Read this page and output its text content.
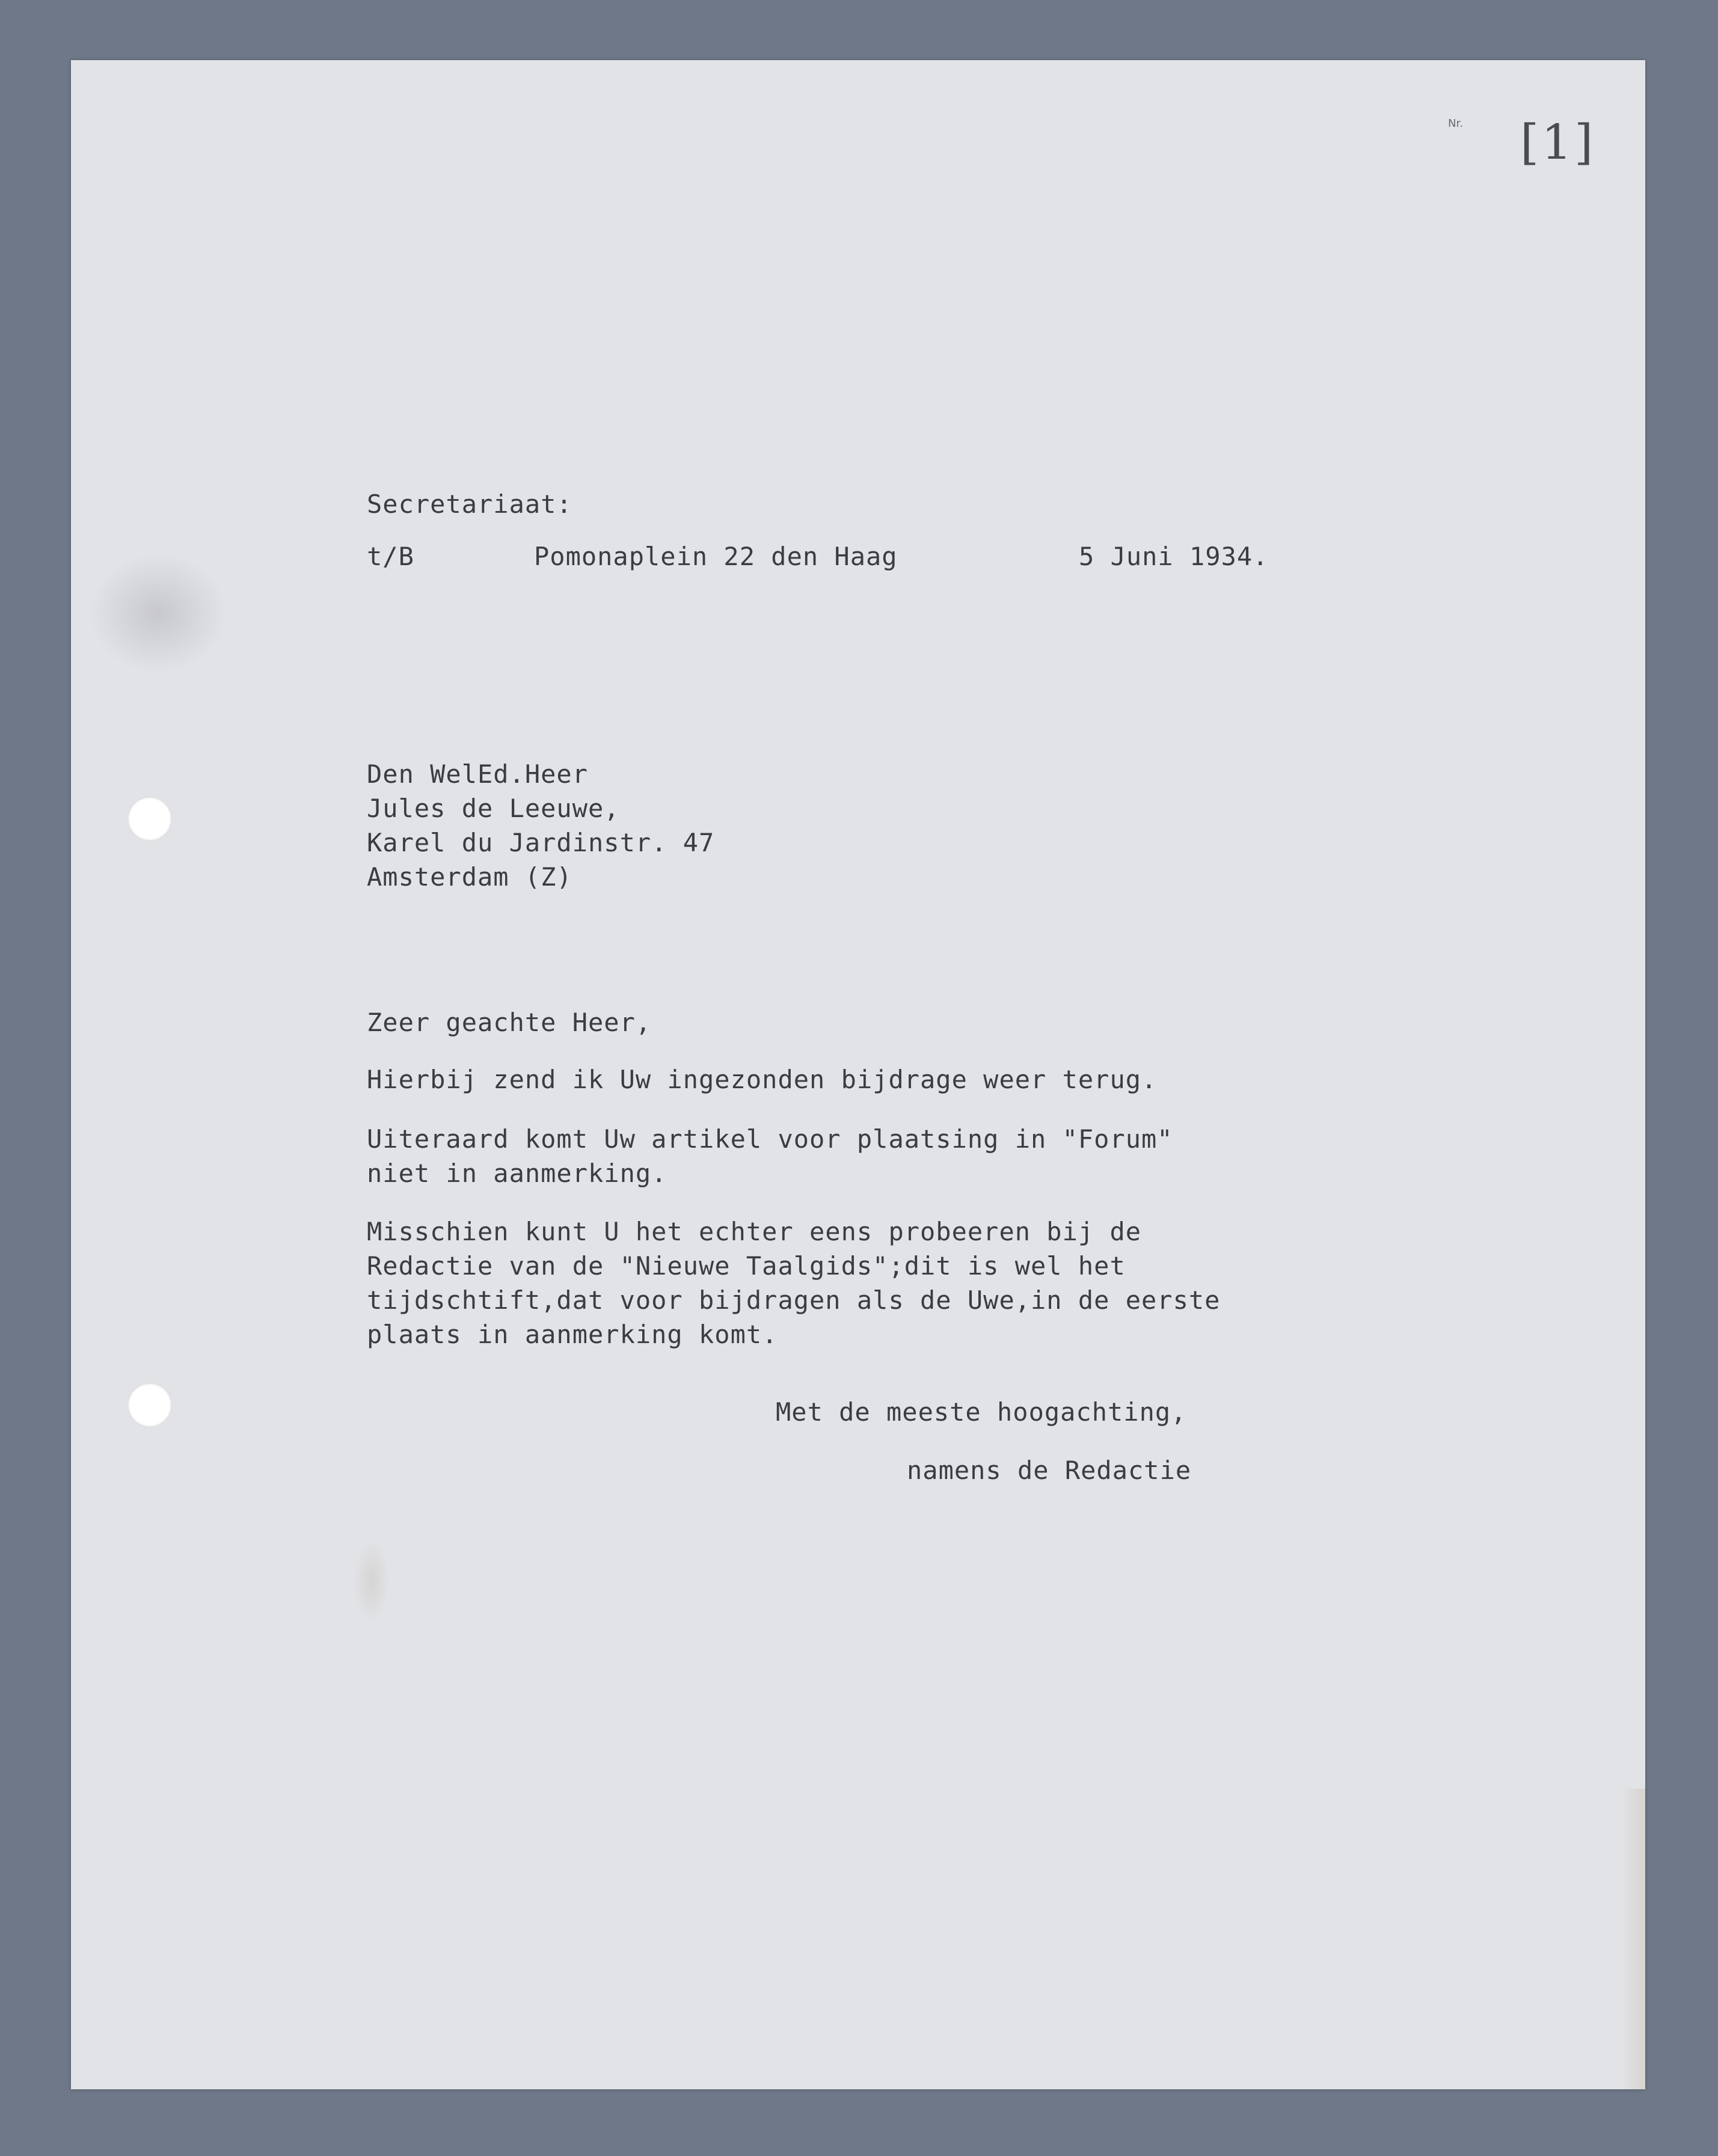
Nr. [1]
Secretariaat:
t/B	Pomonaplein 22 den Haag	5 Juni 1934.
Den WelEd.Heer
Jules de Leeuwe,
Karel du Jardinstr. 47
Amsterdam (Z)
Zeer geachte Heer,
Hierbij zend ik Uw ingezonden bijdrage weer terug.
Uiteraard komt Uw artikel voor plaatsing in "Forum"
niet in aanmerking.
Misschien kunt U het echter eens probeeren bij de
Redactie van de "Nieuwe Taalgids";dit is wel het
tijdschtift,dat voor bijdragen als de Uwe,in de eerste
plaats in aanmerking komt.
Met de meeste hoogachting,
namens de Redactie
